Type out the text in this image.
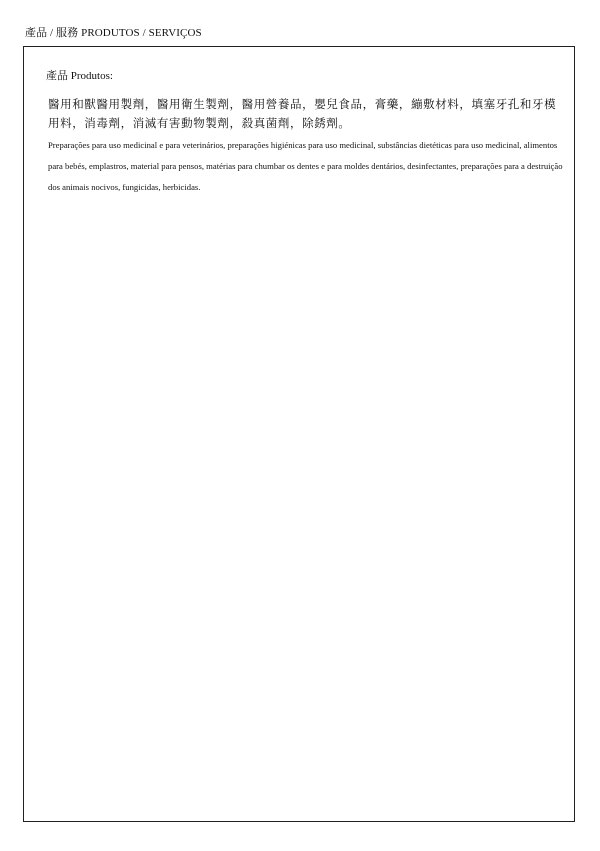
產品 / 服務 PRODUTOS / SERVIÇOS
產品 Produtos:
醫用和獸醫用製劑，醫用衛生製劑，醫用營養品，嬰兒食品，膏藥，繃敷材料，填塞牙孔和牙模用料，消毒劑，消滅有害動物製劑，殺真菌劑，除銹劑。
Preparações para uso medicinal e para veterinários, preparações higiénicas para uso medicinal, substâncias dietéticas para uso medicinal, alimentos para bebés, emplastros, material para pensos, matérias para chumbar os dentes e para moldes dentários, desinfectantes, preparações para a destruição dos animais nocivos, fungicidas, herbicidas.
